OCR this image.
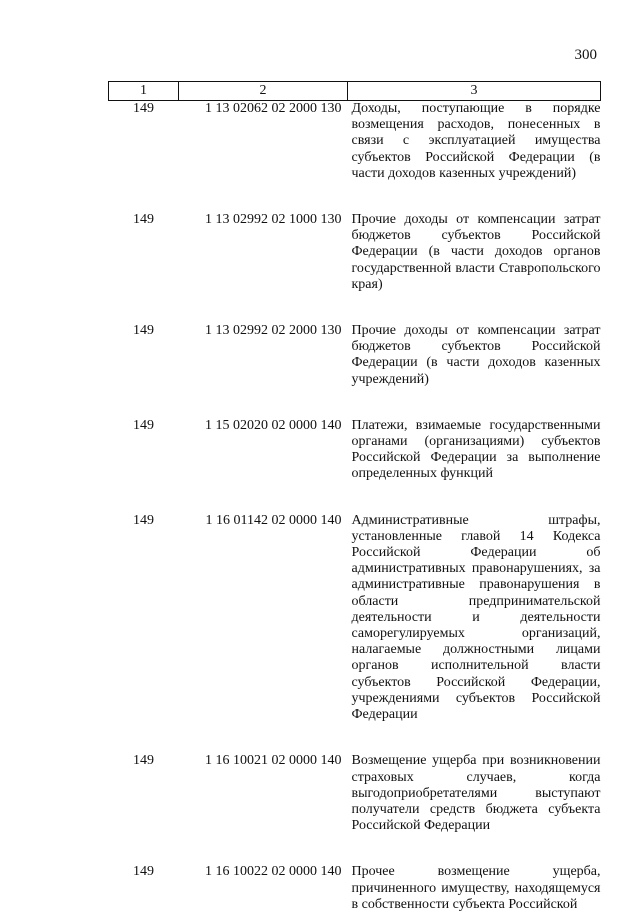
300
1	2	3
149	1 13 02062 02 2000 130	Доходы, поступающие в порядке возмещения расходов, понесенных в связи с эксплуатацией имущества субъектов Российской Федерации (в части доходов казенных учреждений)

149	1 13 02992 02 1000 130	Прочие доходы от компенсации затрат бюджетов субъектов Российской Федерации (в части доходов органов государственной власти Ставропольского края)

149	1 13 02992 02 2000 130	Прочие доходы от компенсации затрат бюджетов субъектов Российской Федерации (в части доходов казенных учреждений)

149	1 15 02020 02 0000 140	Платежи, взимаемые государственными органами (организациями) субъектов Российской Федерации за выполнение определенных функций

149	1 16 01142 02 0000 140	Административные штрафы, установленные главой 14 Кодекса Российской Федерации об административных правонарушениях, за административные правонарушения в области предпринимательской деятельности и деятельности саморегулируемых организаций, налагаемые должностными лицами органов исполнительной власти субъектов Российской Федерации, учреждениями субъектов Российской Федерации

149	1 16 10021 02 0000 140	Возмещение ущерба при возникновении страховых случаев, когда выгодоприобретателями выступают получатели средств бюджета субъекта Российской Федерации

149	1 16 10022 02 0000 140	Прочее возмещение ущерба, причиненного имуществу, находящемуся в собственности субъекта Российской
